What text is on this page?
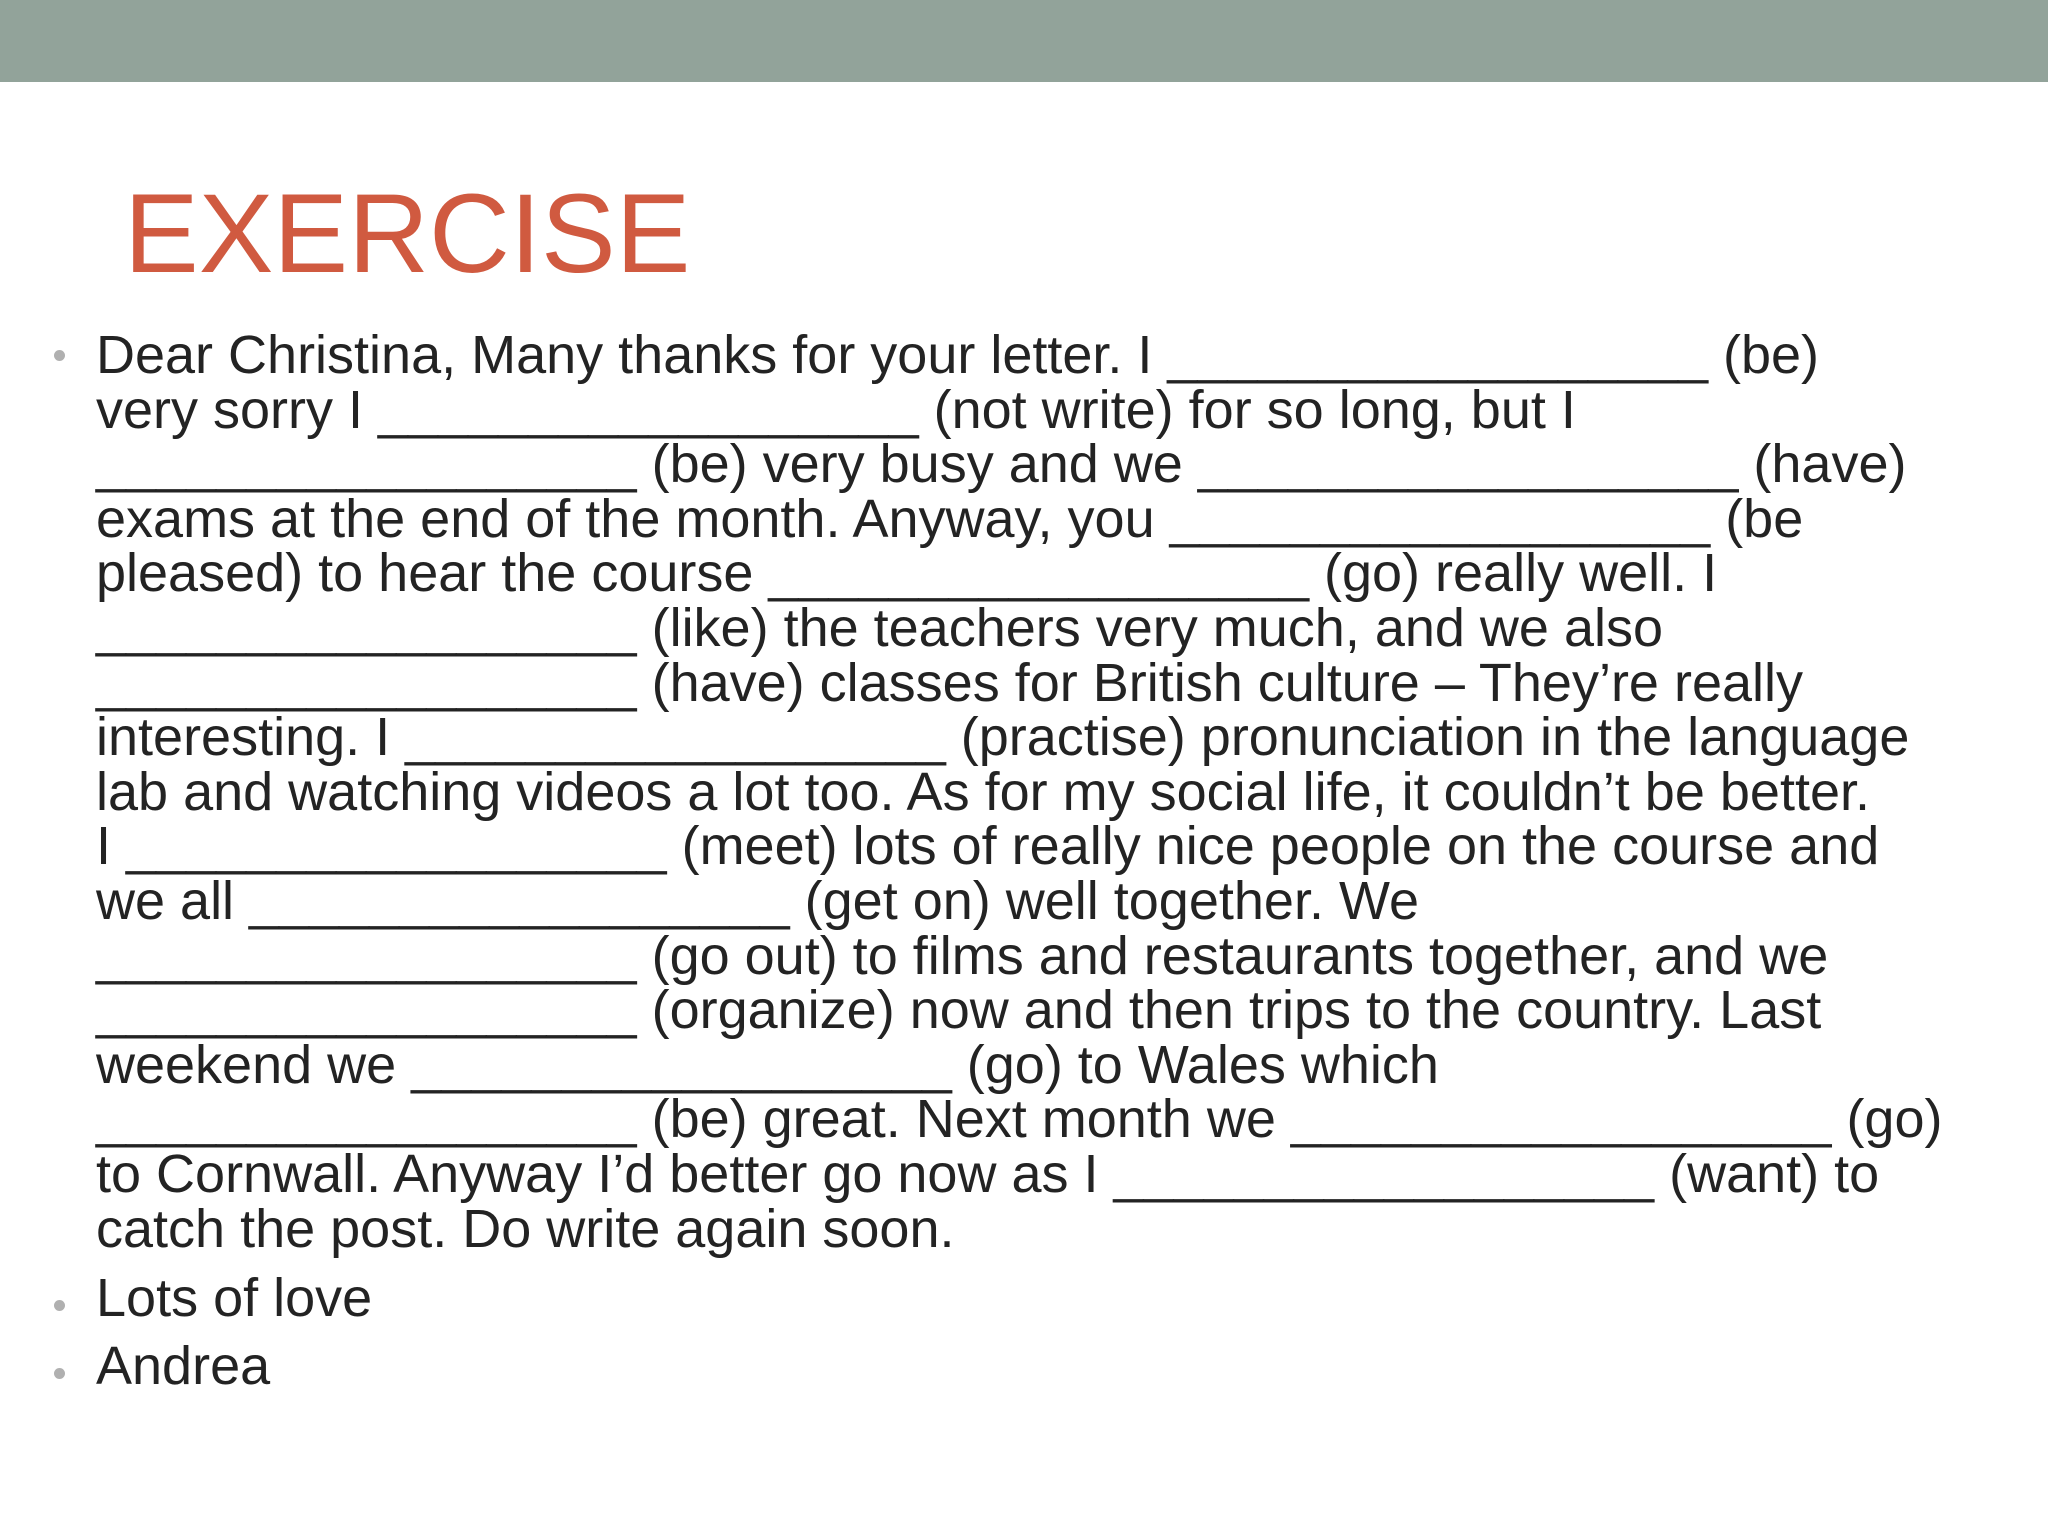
EXERCISE
Dear Christina, Many thanks for your letter. I __________________ (be)
very sorry I __________________ (not write) for so long, but I
__________________ (be) very busy and we __________________ (have)
exams at the end of the month. Anyway, you __________________ (be
pleased) to hear the course __________________ (go) really well. I
__________________ (like) the teachers very much, and we also
__________________ (have) classes for British culture – They’re really
interesting. I __________________ (practise) pronunciation in the language
lab and watching videos a lot too. As for my social life, it couldn’t be better.
I __________________ (meet) lots of really nice people on the course and
we all __________________ (get on) well together. We
__________________ (go out) to films and restaurants together, and we
__________________ (organize) now and then trips to the country. Last
weekend we __________________ (go) to Wales which
__________________ (be) great. Next month we __________________ (go)
to Cornwall. Anyway I’d better go now as I __________________ (want) to
catch the post. Do write again soon.
Lots of love
Andrea
